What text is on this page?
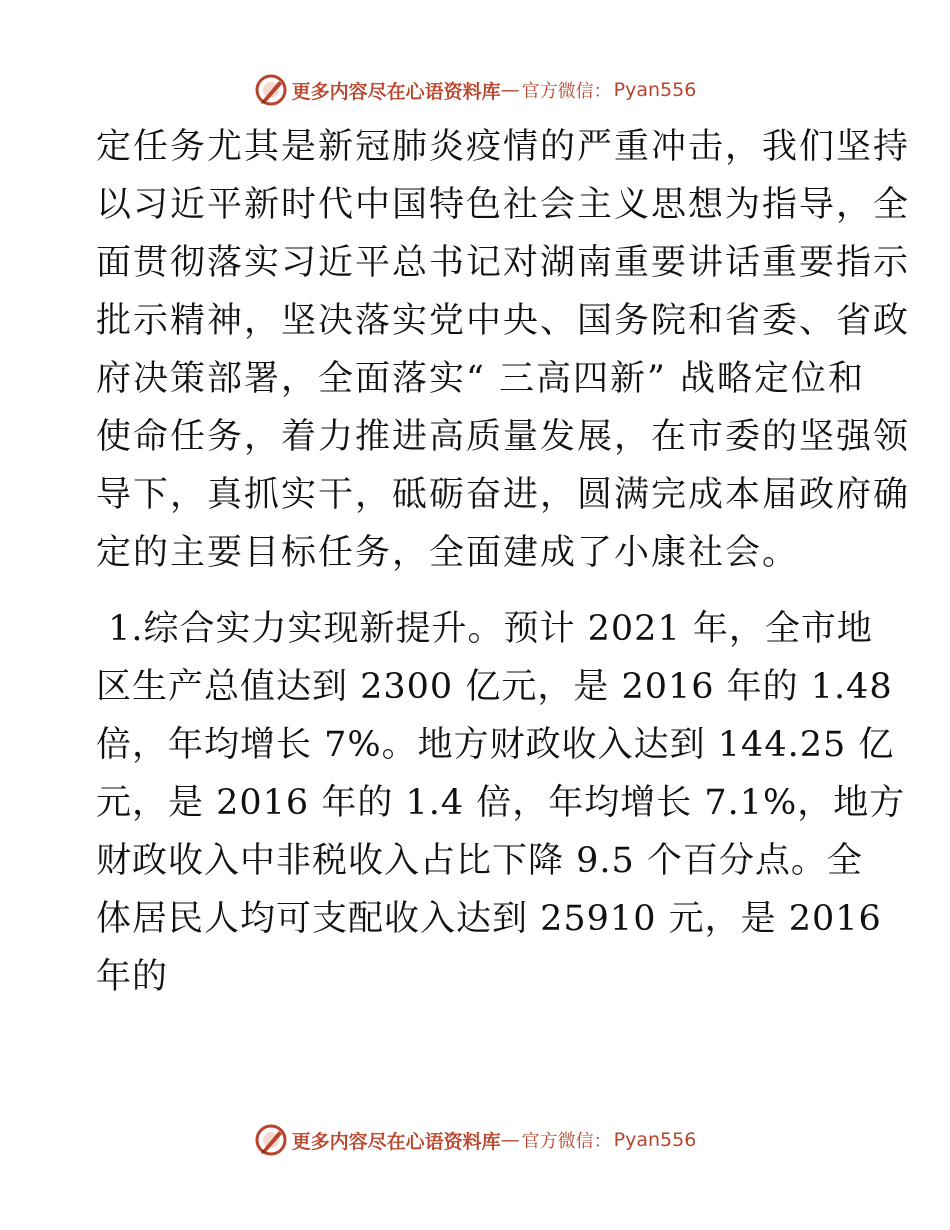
更多内容尽在心语资料库 — 官方微信： Pyan556
定任务尤其是新冠肺炎疫情的严重冲击，我们坚持
以习近平新时代中国特色社会主义思想为指导，全
面贯彻落实习近平总书记对湖南重要讲话重要指示
批示精神，坚决落实党中央、国务院和省委、省政
府决策部署，全面落实“ 三高四新” 战略定位和
使命任务，着力推进高质量发展，在市委的坚强领
导下，真抓实干，砥砺奋进，圆满完成本届政府确
定的主要目标任务，全面建成了小康社会。
1.综合实力实现新提升。预计 2021 年，全市地
区生产总值达到 2300 亿元，是 2016 年的 1.48
倍，年均增长 7%。地方财政收入达到 144.25 亿
元，是 2016 年的 1.4 倍，年均增长 7.1%，地方
财政收入中非税收入占比下降 9.5 个百分点。全
体居民人均可支配收入达到 25910 元，是 2016
年的
更多内容尽在心语资料库 — 官方微信： Pyan556
